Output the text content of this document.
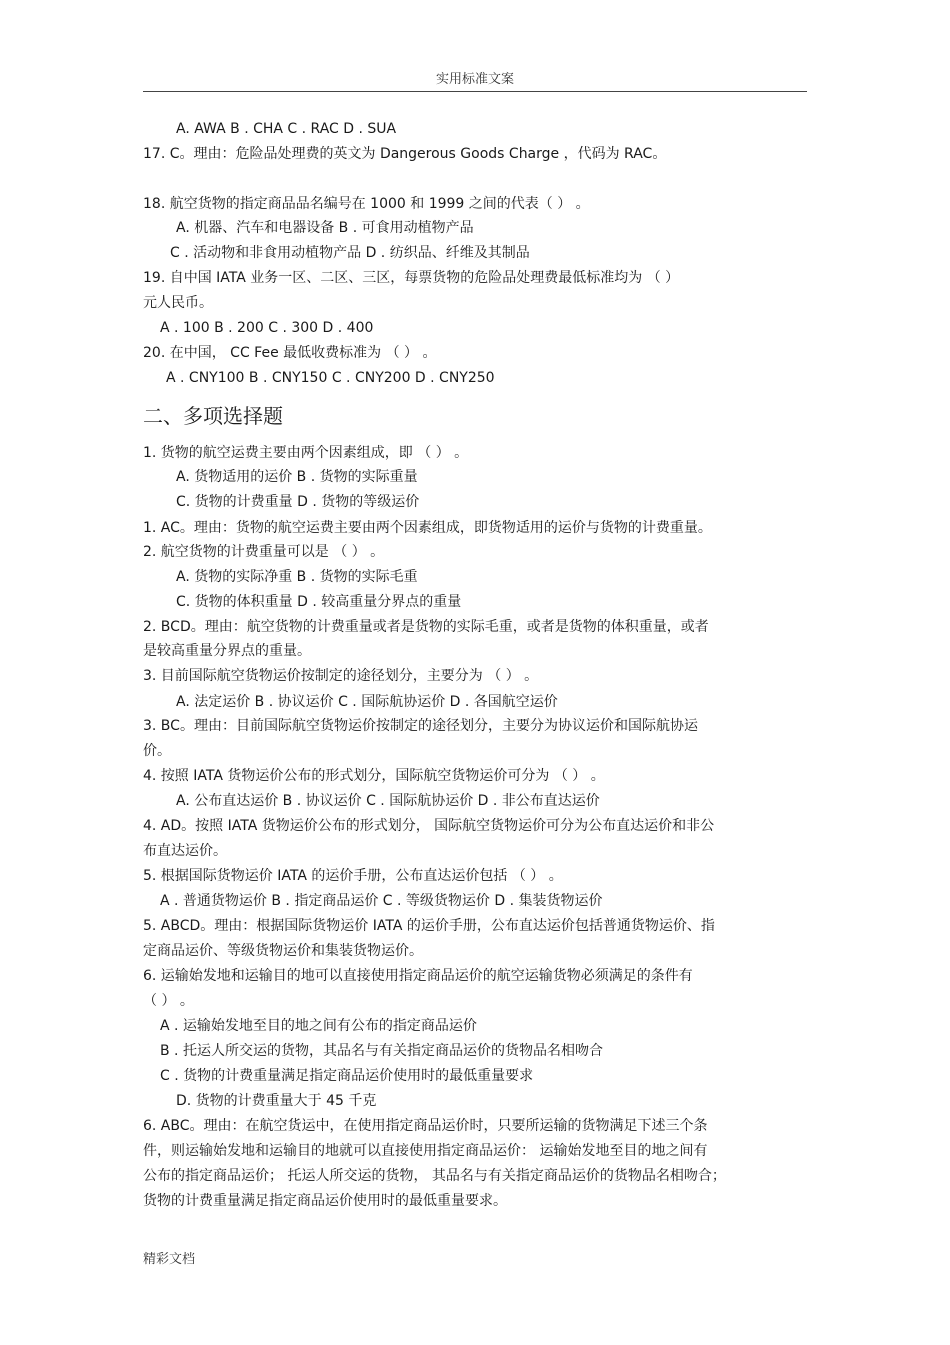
实用标准文案
A. AWA B . CHA C . RAC D . SUA
17. C。理由：危险品处理费的英文为 Dangerous Goods Charge ，代码为 RAC。
18. 航空货物的指定商品品名编号在 1000 和 1999 之间的代表（ ） 。
A. 机器、汽车和电器设备 B . 可食用动植物产品
C . 活动物和非食用动植物产品 D . 纺织品、纤维及其制品
19. 自中国 IATA 业务一区、二区、三区，每票货物的危险品处理费最低标准均为 （ ）
元人民币。
A . 100 B . 200 C . 300 D . 400
20. 在中国， CC Fee 最低收费标准为 （ ） 。
A . CNY100 B . CNY150 C . CNY200 D . CNY250
二、多项选择题
1. 货物的航空运费主要由两个因素组成，即 （ ） 。
A. 货物适用的运价 B . 货物的实际重量
C. 货物的计费重量 D . 货物的等级运价
1. AC。理由：货物的航空运费主要由两个因素组成，即货物适用的运价与货物的计费重量。
2. 航空货物的计费重量可以是 （ ） 。
A. 货物的实际净重 B . 货物的实际毛重
C. 货物的体积重量 D . 较高重量分界点的重量
2. BCD。理由：航空货物的计费重量或者是货物的实际毛重，或者是货物的体积重量，或者
是较高重量分界点的重量。
3. 目前国际航空货物运价按制定的途径划分，主要分为 （ ） 。
A. 法定运价 B . 协议运价 C . 国际航协运价 D . 各国航空运价
3. BC。理由：目前国际航空货物运价按制定的途径划分，主要分为协议运价和国际航协运
价。
4. 按照 IATA 货物运价公布的形式划分，国际航空货物运价可分为 （ ） 。
A. 公布直达运价 B . 协议运价 C . 国际航协运价 D . 非公布直达运价
4. AD。按照 IATA 货物运价公布的形式划分， 国际航空货物运价可分为公布直达运价和非公
布直达运价。
5. 根据国际货物运价 IATA 的运价手册，公布直达运价包括 （ ） 。
A . 普通货物运价 B . 指定商品运价 C . 等级货物运价 D . 集装货物运价
5. ABCD。理由：根据国际货物运价 IATA 的运价手册，公布直达运价包括普通货物运价、指
定商品运价、等级货物运价和集装货物运价。
6. 运输始发地和运输目的地可以直接使用指定商品运价的航空运输货物必须满足的条件有
（ ） 。
A . 运输始发地至目的地之间有公布的指定商品运价
B . 托运人所交运的货物，其品名与有关指定商品运价的货物品名相吻合
C . 货物的计费重量满足指定商品运价使用时的最低重量要求
D. 货物的计费重量大于 45 千克
6. ABC。理由：在航空货运中，在使用指定商品运价时，只要所运输的货物满足下述三个条
件，则运输始发地和运输目的地就可以直接使用指定商品运价： 运输始发地至目的地之间有
公布的指定商品运价； 托运人所交运的货物， 其品名与有关指定商品运价的货物品名相吻合；
货物的计费重量满足指定商品运价使用时的最低重量要求。
精彩文档
